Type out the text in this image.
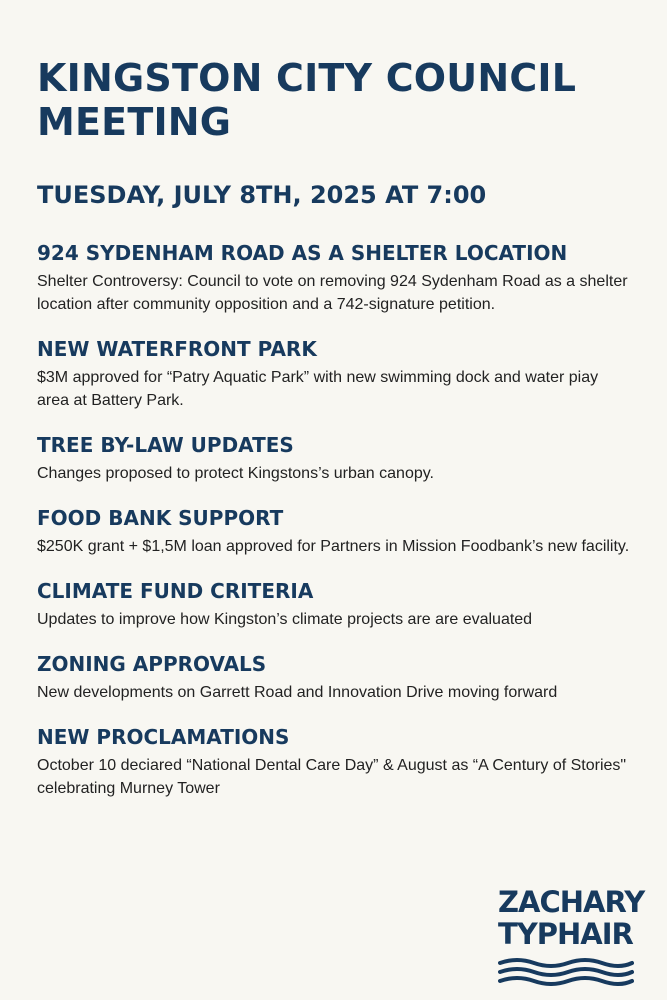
KINGSTON CITY COUNCIL MEETING
TUESDAY, JULY 8TH, 2025 AT 7:00
924 SYDENHAM ROAD AS A SHELTER LOCATION

Shelter Controversy: Council to vote on removing 924 Sydenham Road as a shelter location after community opposition and a 742-signature petition.

NEW WATERFRONT PARK

$3M approved for “Patry Aquatic Park” with new swimming dock and water piay area at Battery Park.

TREE BY-LAW UPDATES

Changes proposed to protect Kingstons’s urban canopy.

FOOD BANK SUPPORT

$250K grant + $1,5M loan approved for Partners in Mission Foodbank’s new facility.

CLIMATE FUND CRITERIA

Updates to improve how Kingston’s climate projects are are evaluated

ZONING APPROVALS

New developments on Garrett Road and Innovation Drive moving forward

NEW PROCLAMATIONS

October 10 deciared “National Dental Care Day” & August as “A Century of Stories" celebrating Murney Tower

ZACHARY
TYPHAIR
